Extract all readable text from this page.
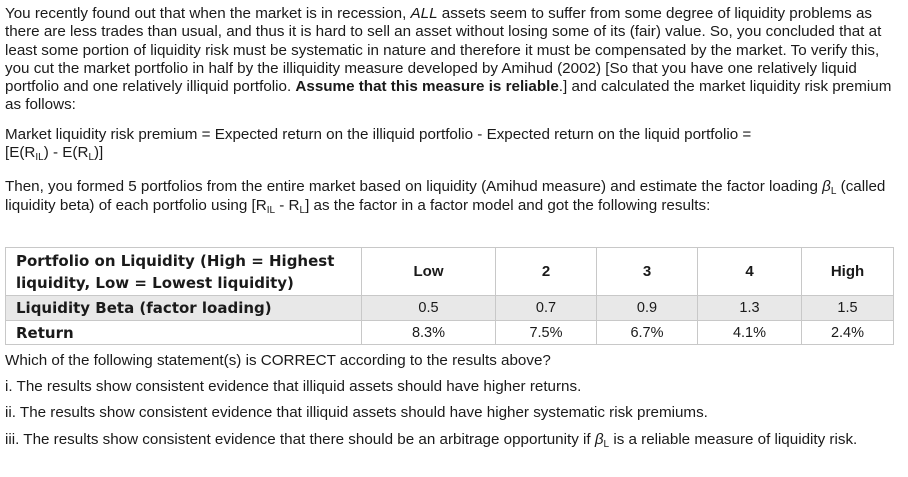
You recently found out that when the market is in recession, ALL assets seem to suffer from some degree of liquidity problems as there are less trades than usual, and thus it is hard to sell an asset without losing some of its (fair) value. So, you concluded that at least some portion of liquidity risk must be systematic in nature and therefore it must be compensated by the market. To verify this, you cut the market portfolio in half by the illiquidity measure developed by Amihud (2002) [So that you have one relatively liquid portfolio and one relatively illiquid portfolio. Assume that this measure is reliable.] and calculated the market liquidity risk premium as follows:
Market liquidity risk premium = Expected return on the illiquid portfolio - Expected return on the liquid portfolio =
$[E(R_{IL}) - E(R_L)]$
Then, you formed 5 portfolios from the entire market based on liquidity (Amihud measure) and estimate the factor loading $\beta_L$ (called liquidity beta) of each portfolio using $[R_{IL} - R_L]$ as the factor in a factor model and got the following results:
Portfolio on Liquidity (High = Highest liquidity, Low = Lowest liquidity)	Low	2	3	4	High
Liquidity Beta (factor loading)	0.5	0.7	0.9	1.3	1.5
Return	8.3%	7.5%	6.7%	4.1%	2.4%
Which of the following statement(s) is CORRECT according to the results above?
i. The results show consistent evidence that illiquid assets should have higher returns.
ii. The results show consistent evidence that illiquid assets should have higher systematic risk premiums.
iii. The results show consistent evidence that there should be an arbitrage opportunity if $\beta_L$ is a reliable measure of liquidity risk.
